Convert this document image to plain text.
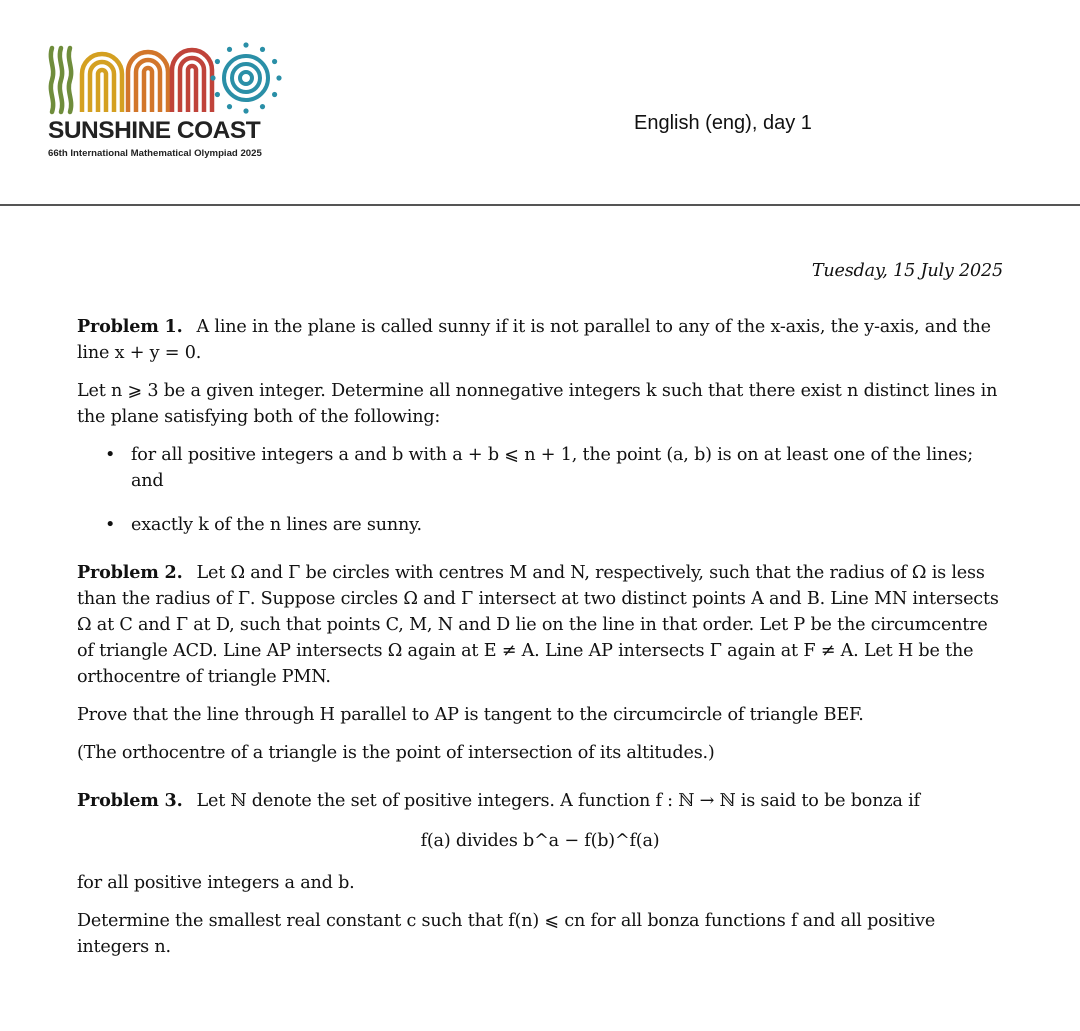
SUNSHINE COAST
66th International Mathematical Olympiad 2025
English (eng), day 1
Tuesday, 15 July 2025

Problem 1. A line in the plane is called sunny if it is not parallel to any of the x-axis, the y-axis, and the line x + y = 0.

Let n ⩾ 3 be a given integer. Determine all nonnegative integers k such that there exist n distinct lines in the plane satisfying both of the following:

• for all positive integers a and b with a + b ⩽ n + 1, the point (a, b) is on at least one of the lines; and
• exactly k of the n lines are sunny.

Problem 2. Let Ω and Γ be circles with centres M and N, respectively, such that the radius of Ω is less than the radius of Γ. Suppose circles Ω and Γ intersect at two distinct points A and B. Line MN intersects Ω at C and Γ at D, such that points C, M, N and D lie on the line in that order. Let P be the circumcentre of triangle ACD. Line AP intersects Ω again at E ≠ A. Line AP intersects Γ again at F ≠ A. Let H be the orthocentre of triangle PMN.

Prove that the line through H parallel to AP is tangent to the circumcircle of triangle BEF.

(The orthocentre of a triangle is the point of intersection of its altitudes.)

Problem 3. Let ℕ denote the set of positive integers. A function f : ℕ → ℕ is said to be bonza if

f(a) divides b^a − f(b)^f(a)

for all positive integers a and b.

Determine the smallest real constant c such that f(n) ⩽ cn for all bonza functions f and all positive integers n.
